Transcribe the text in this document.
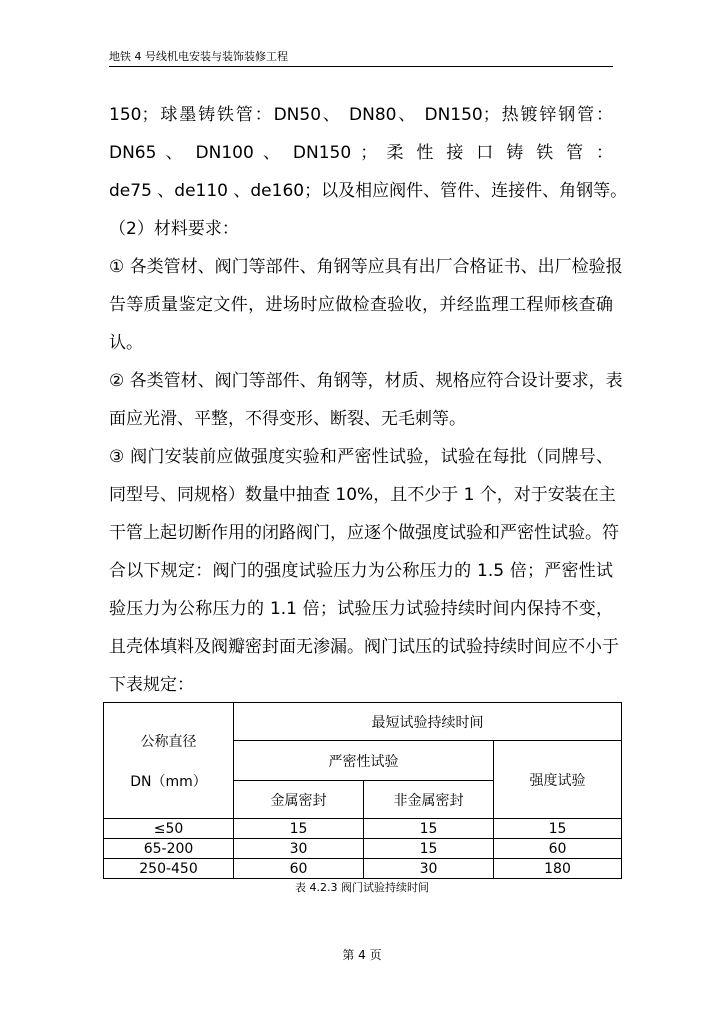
地铁 4 号线机电安装与装饰装修工程
150；球墨铸铁管：DN50、 DN80、 DN150；热镀锌钢管：
DN65 、 DN100 、 DN150 ； 柔 性 接 口 铸 铁 管 ：
de75 、de110 、de160；以及相应阀件、管件、连接件、角钢等。
（2）材料要求：
① 各类管材、阀门等部件、角钢等应具有出厂合格证书、出厂检验报
告等质量鉴定文件，进场时应做检查验收，并经监理工程师核查确
认。
② 各类管材、阀门等部件、角钢等，材质、规格应符合设计要求，表
面应光滑、平整，不得变形、断裂、无毛刺等。
③ 阀门安装前应做强度实验和严密性试验，试验在每批（同牌号、
同型号、同规格）数量中抽查 10%，且不少于 1 个，对于安装在主
干管上起切断作用的闭路阀门，应逐个做强度试验和严密性试验。符
合以下规定：阀门的强度试验压力为公称压力的 1.5 倍；严密性试
验压力为公称压力的 1.1 倍；试验压力试验持续时间内保持不变，
且壳体填料及阀瓣密封面无渗漏。阀门试压的试验持续时间应不小于
下表规定：
公称直径
DN（mm）	最短试验持续时间		
	严密性试验		强度试验
	金属密封	非金属密封	
≤50	15	15	15
65-200	30	15	60
250-450	60	30	180
表 4.2.3 阀门试验持续时间
第 4 页
